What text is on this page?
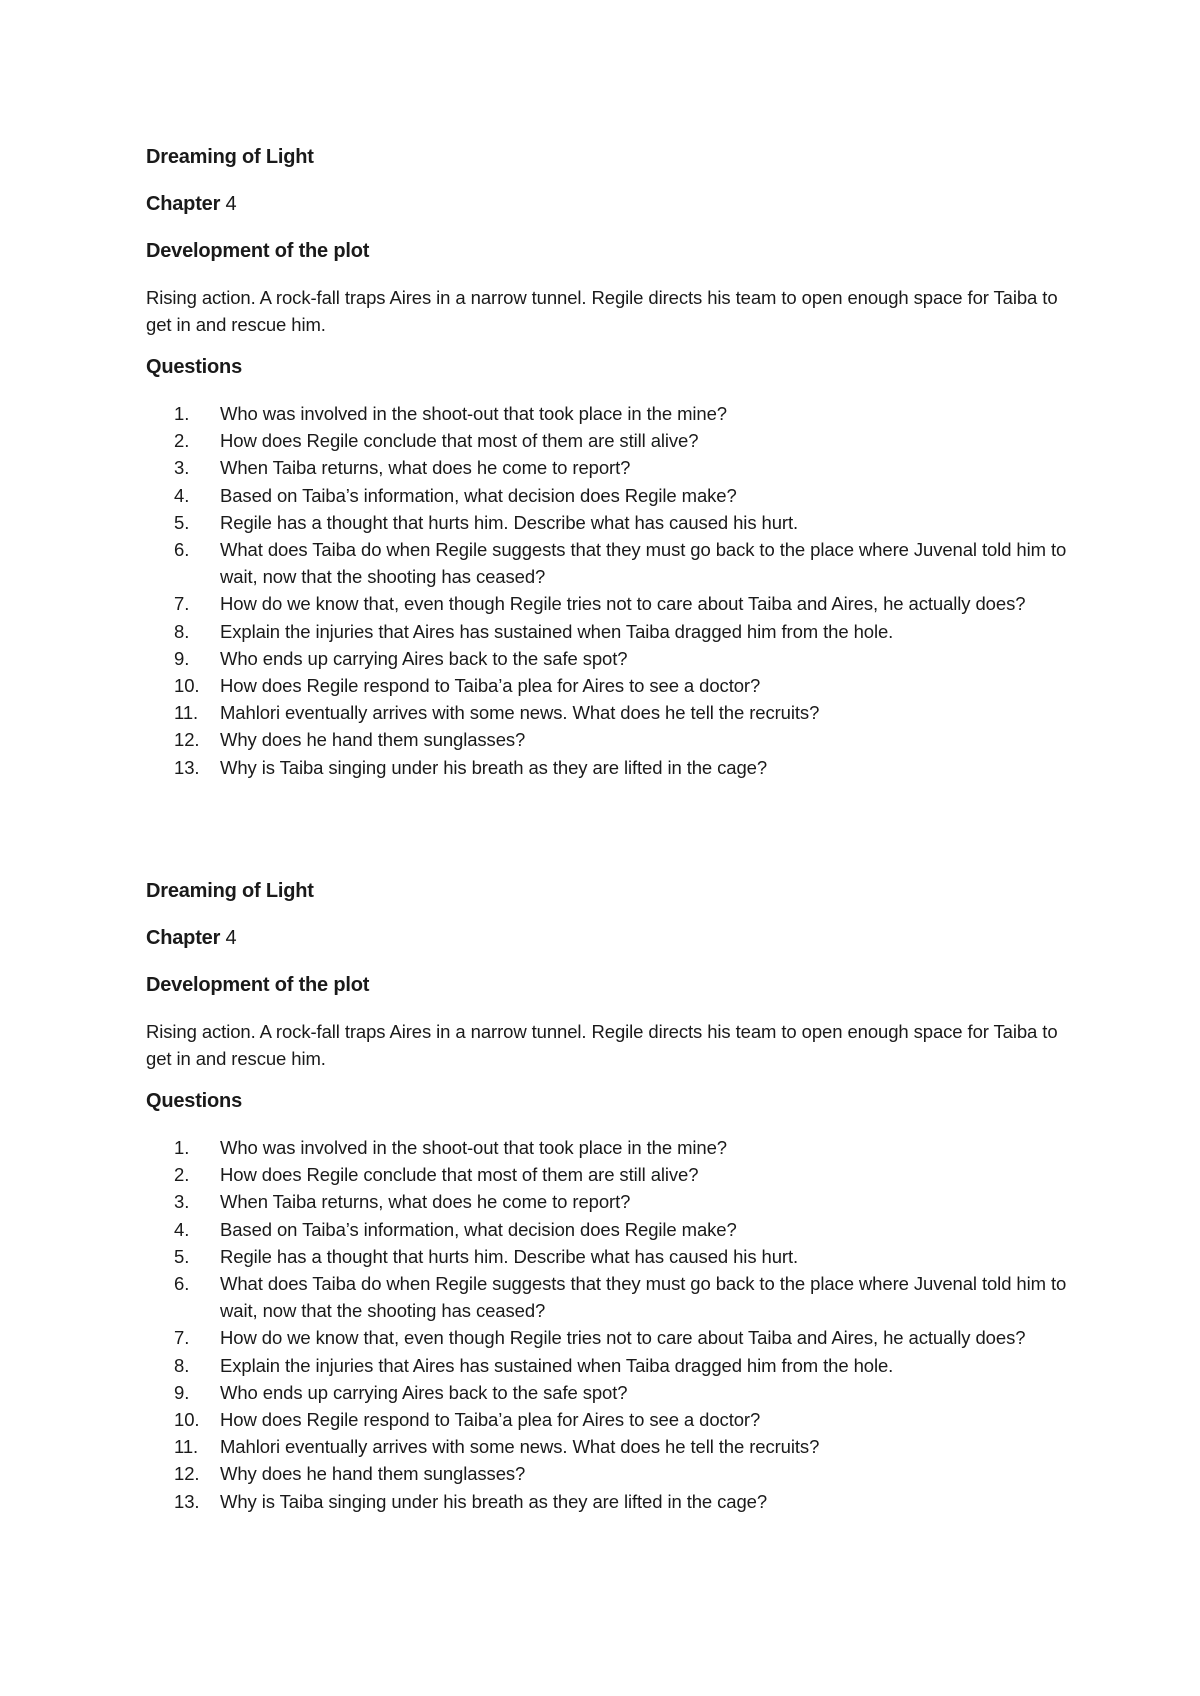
Dreaming of Light

Chapter 4

Development of the plot

Rising action. A rock-fall traps Aires in a narrow tunnel. Regile directs his team to open enough space for Taiba to get in and rescue him.

Questions

1.	Who was involved in the shoot-out that took place in the mine?
2.	How does Regile conclude that most of them are still alive?
3.	When Taiba returns, what does he come to report?
4.	Based on Taiba’s information, what decision does Regile make?
5.	Regile has a thought that hurts him. Describe what has caused his hurt.
6.	What does Taiba do when Regile suggests that they must go back to the place where Juvenal told him to wait, now that the shooting has ceased?
7.	How do we know that, even though Regile tries not to care about Taiba and Aires, he actually does?
8.	Explain the injuries that Aires has sustained when Taiba dragged him from the hole.
9.	Who ends up carrying Aires back to the safe spot?
10.	How does Regile respond to Taiba’a plea for Aires to see a doctor?
11.	Mahlori eventually arrives with some news. What does he tell the recruits?
12.	Why does he hand them sunglasses?
13.	Why is Taiba singing under his breath as they are lifted in the cage?

Dreaming of Light

Chapter 4

Development of the plot

Rising action. A rock-fall traps Aires in a narrow tunnel. Regile directs his team to open enough space for Taiba to get in and rescue him.

Questions

1.	Who was involved in the shoot-out that took place in the mine?
2.	How does Regile conclude that most of them are still alive?
3.	When Taiba returns, what does he come to report?
4.	Based on Taiba’s information, what decision does Regile make?
5.	Regile has a thought that hurts him. Describe what has caused his hurt.
6.	What does Taiba do when Regile suggests that they must go back to the place where Juvenal told him to wait, now that the shooting has ceased?
7.	How do we know that, even though Regile tries not to care about Taiba and Aires, he actually does?
8.	Explain the injuries that Aires has sustained when Taiba dragged him from the hole.
9.	Who ends up carrying Aires back to the safe spot?
10.	How does Regile respond to Taiba’a plea for Aires to see a doctor?
11.	Mahlori eventually arrives with some news. What does he tell the recruits?
12.	Why does he hand them sunglasses?
13.	Why is Taiba singing under his breath as they are lifted in the cage?
